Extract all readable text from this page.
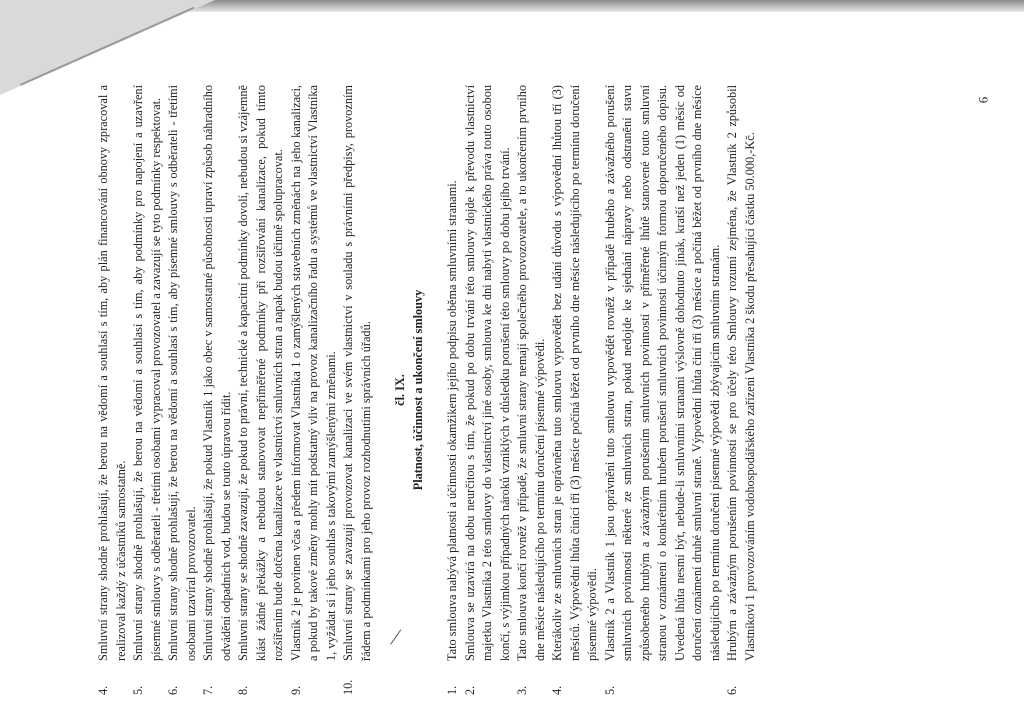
4.
Smluvní strany shodně prohlašují, že berou na vědomí a souhlasí s tím, aby plán financování obnovy zpracoval a realizoval každý z účastníků samostatně.
5.
Smluvní strany shodně prohlašují, že berou na vědomí a souhlasí s tím, aby podmínky pro napojení a uzavření písemné smlouvy s odběrateli - třetími osobami vypracoval provozovatel a zavazují se tyto podmínky respektovat.
6.
Smluvní strany shodně prohlašují, že berou na vědomí a souhlasí s tím, aby písemné smlouvy s odběrateli - třetími osobami uzavíral provozovatel.
7.
Smluvní strany shodně prohlašují, že pokud Vlastník 1 jako obec v samostatné působnosti upraví způsob náhradního odvádění odpadních vod, budou se touto úpravou řídit.
8.
Smluvní strany se shodně zavazují, že pokud to právní, technické a kapacitní podmínky dovolí, nebudou si vzájemně klást žádné překážky a nebudou stanovovat nepřiměřené podmínky při rozšiřování kanalizace, pokud tímto rozšířením bude dotčena kanalizace ve vlastnictví smluvních stran a napak budou účinně spolupracovat.
9.
Vlastník 2 je povinen včas a předem informovat Vlastníka 1 o zamýšlených stavebních změnách na jeho kanalizaci, a pokud by takové změny mohly mít podstatný vliv na provoz kanalizačního řadu a systémů ve vlastnictví Vlastníka 1, vyžádat si i jeho souhlas s takovými zamýšlenými změnami.
10.
Smluvní strany se zavazují provozovat kanalizaci ve svém vlastnictví v souladu s právními předpisy, provozním řádem a podmínkami pro jeho provoz rozhodnutími správních úřadů. čl. IX. Platnost, účinnost a ukončení smlouvy

1.
Tato smlouva nabývá platnosti a účinnosti okamžikem jejího podpisu oběma smluvními stranami.
2.
Smlouva se uzavírá na dobu neurčitou s tím, že pokud po dobu trvání této smlouvy dojde k převodu vlastnictví majetku Vlastníka 2 této smlouvy do vlastnictví jiné osoby, smlouva ke dni nabytí vlastnického práva touto osobou končí, s výjimkou případných nároků vzniklých v důsledku porušení této smlouvy po dobu jejího trvání.
3.
Tato smlouva končí rovněž v případě, že smluvní strany nemají společného provozovatele, a to ukončením prvního dne měsíce následujícího po termínu doručení písemné výpovědi.
4.
Kterákoliv ze smluvních stran je oprávněna tuto smlouvu vypovědět bez udání důvodu s výpovědní lhůtou tří (3) měsíců. Výpovědní lhůta činící tři (3) měsíce počíná běžet od prvního dne měsíce následujícího po termínu doručení písemné výpovědi.
5.
Vlastník 2 a Vlastník 1 jsou oprávněni tuto smlouvu vypovědět rovněž v případě hrubého a závažného porušení smluvních povinností některé ze smluvních stran, pokud nedojde ke sjednání nápravy nebo odstranění stavu způsobeného hrubým a závažným porušením smluvních povinností v přiměřené lhůtě stanovené touto smluvní stranou v oznámení o konkrétním hrubém porušení smluvních povinností účinným formou doporučeného dopisu. Uvedená lhůta nesmí být, nebude-li smluvními stranami výslovně dohodnuto jinak, kratší než jeden (1) měsíc od doručení oznámení druhé smluvní straně. Výpovědní lhůta činí tři (3) měsíce a počíná běžet od prvního dne měsíce následujícího po termínu doručení písemné výpovědi zbývajícím smluvním stranám.
6.
Hrubým a závažným porušením povinností se pro účely této Smlouvy rozumí zejména, že Vlastník 2 způsobil Vlastníkovi 1 provozováním vodohospodářského zařízení Vlastníka 2 škodu přesahující částku 50.000,-Kč.
6
